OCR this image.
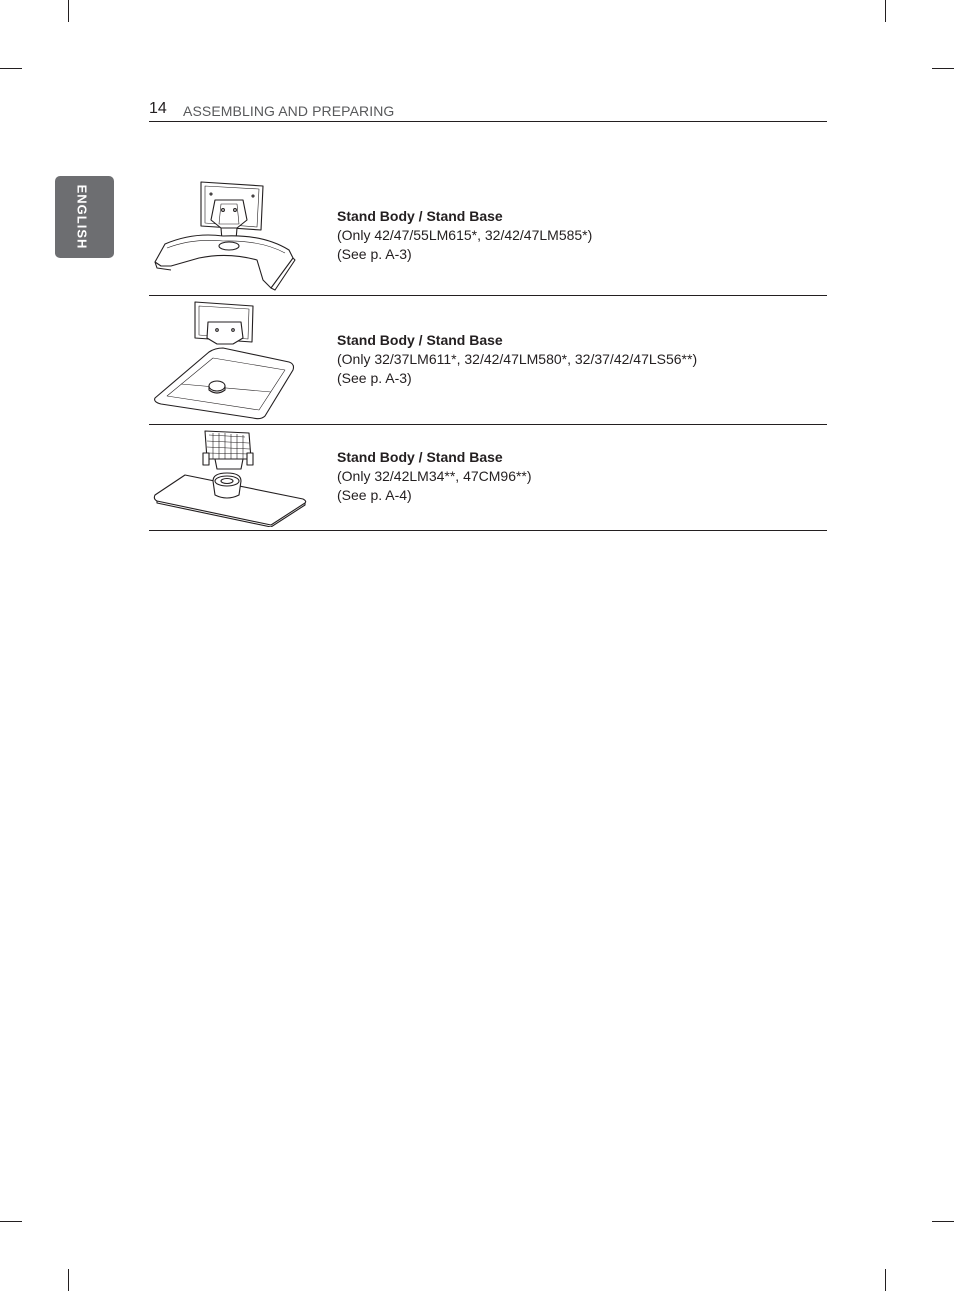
14 ASSEMBLING AND PREPARING
ENGLISH	Stand Body / Stand Base
(Only 42/47/55LM615*, 32/42/47LM585*)
(See p. A-3)
Stand Body / Stand Base
(Only 32/37LM611*, 32/42/47LM580*, 32/37/42/47LS56**)
(See p. A-3)
Stand Body / Stand Base
(Only 32/42LM34**, 47CM96**)
(See p. A-4)
